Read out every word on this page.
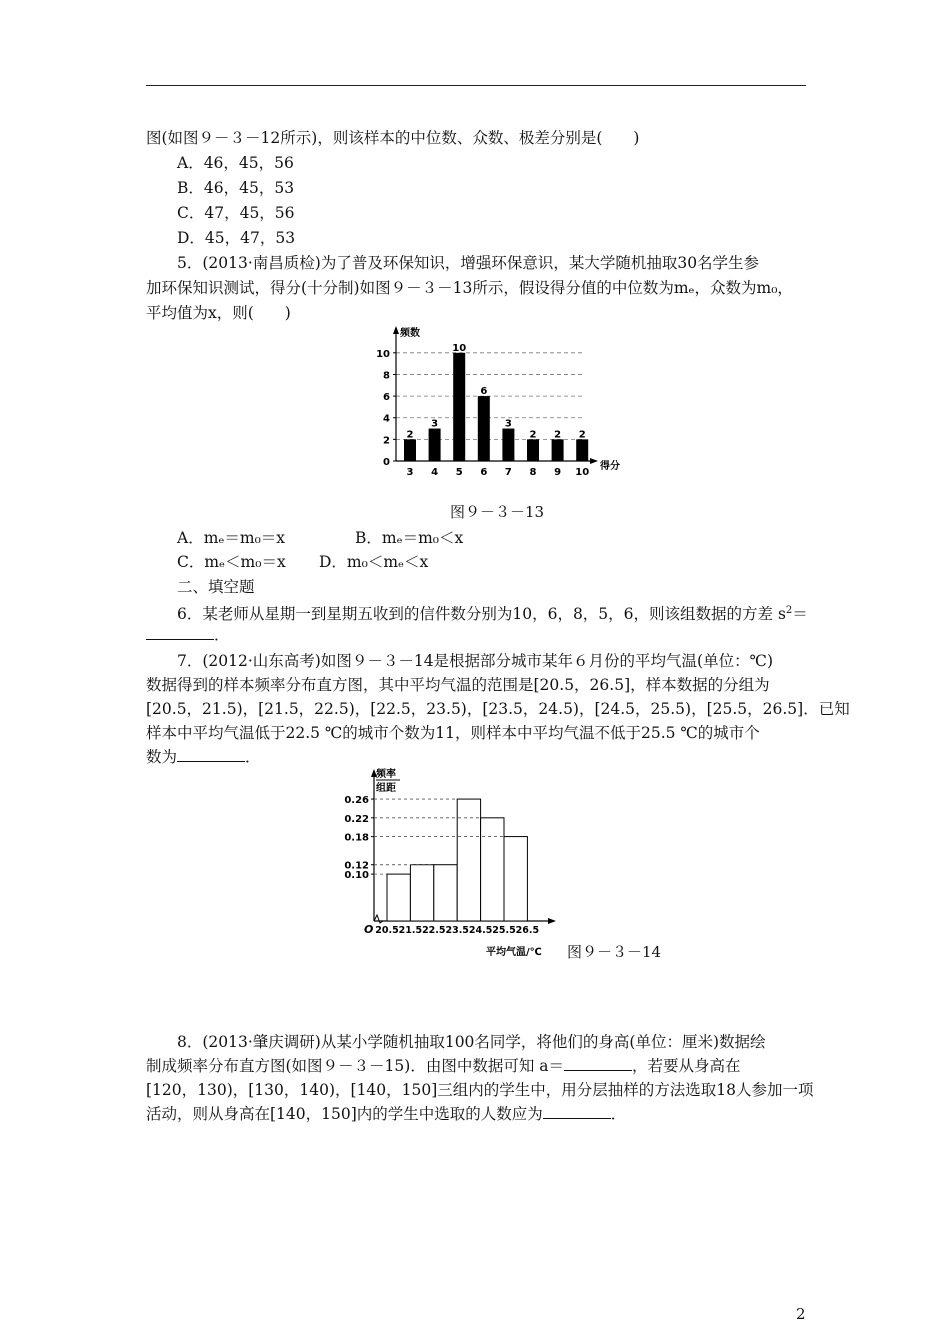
图(如图９－３－12所示)，则该样本的中位数、众数、极差分别是(　　)
A．46，45，56
B．46，45，53
C．47，45，56
D．45，47，53
5．(2013·南昌质检)为了普及环保知识，增强环保意识，某大学随机抽取30名学生参
加环保知识测试，得分(十分制)如图９－３－13所示，假设得分值的中位数为mₑ，众数为m₀，
平均值为x，则(　　)
0
2
4
6
8
10
频数
得分
2
3
3
4
10
5
6
6
3
7
2
8
2
9
2
10
图９－３－13
A．mₑ＝m₀＝x	B．mₑ＝m₀＜x
C．mₑ＜m₀＝x D．m₀＜mₑ＜x
二、填空题
6．某老师从星期一到星期五收到的信件数分别为10，6，8，5，6，则该组数据的方差 $s^2=$
．
7．(2012·山东高考)如图９－３－14是根据部分城市某年６月份的平均气温(单位：℃)
数据得到的样本频率分布直方图，其中平均气温的范围是[20.5，26.5]，样本数据的分组为
[20.5，21.5)，[21.5，22.5)，[22.5，23.5)，[23.5，24.5)，[24.5，25.5)，[25.5，26.5]．已知
样本中平均气温低于22.5 ℃的城市个数为11，则样本中平均气温不低于25.5 ℃的城市个
数为	．
O
频率
组距
0.26
0.22
0.18
0.12
0.10
20.5 21.5 22.5 23.5 24.5 25.5 26.5
平均气温/℃ 图９－３－14
8．(2013·肇庆调研)从某小学随机抽取100名同学，将他们的身高(单位：厘米)数据绘
制成频率分布直方图(如图９－３－15)．由图中数据可知 a＝	，若要从身高在
[120，130)，[130，140)，[140，150]三组内的学生中，用分层抽样的方法选取18人参加一项
活动，则从身高在[140，150]内的学生中选取的人数应为	．
2
